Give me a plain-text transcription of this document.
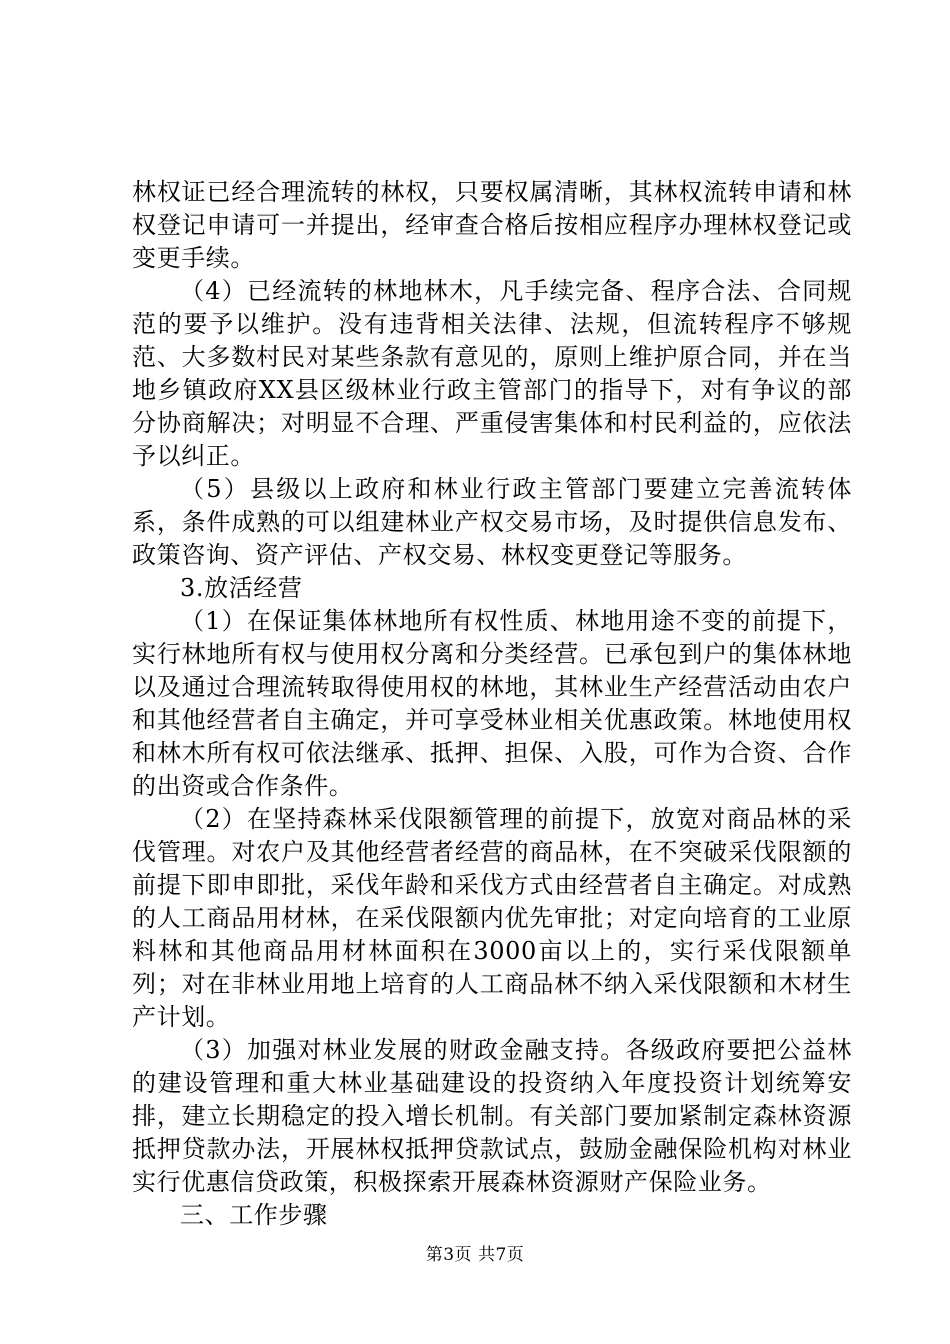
林权证已经合理流转的林权，只要权属清晰，其林权流转申请和林权登记申请可一并提出，经审查合格后按相应程序办理林权登记或变更手续。

（4）已经流转的林地林木，凡手续完备、程序合法、合同规范的要予以维护。没有违背相关法律、法规，但流转程序不够规范、大多数村民对某些条款有意见的，原则上维护原合同，并在当地乡镇政府XX县区级林业行政主管部门的指导下，对有争议的部分协商解决；对明显不合理、严重侵害集体和村民利益的，应依法予以纠正。

（5）县级以上政府和林业行政主管部门要建立完善流转体系，条件成熟的可以组建林业产权交易市场，及时提供信息发布、政策咨询、资产评估、产权交易、林权变更登记等服务。

3.放活经营

（1）在保证集体林地所有权性质、林地用途不变的前提下，实行林地所有权与使用权分离和分类经营。已承包到户的集体林地以及通过合理流转取得使用权的林地，其林业生产经营活动由农户和其他经营者自主确定，并可享受林业相关优惠政策。林地使用权和林木所有权可依法继承、抵押、担保、入股，可作为合资、合作的出资或合作条件。

（2）在坚持森林采伐限额管理的前提下，放宽对商品林的采伐管理。对农户及其他经营者经营的商品林，在不突破采伐限额的前提下即申即批，采伐年龄和采伐方式由经营者自主确定。对成熟的人工商品用材林，在采伐限额内优先审批；对定向培育的工业原料林和其他商品用材林面积在3000亩以上的，实行采伐限额单列；对在非林业用地上培育的人工商品林不纳入采伐限额和木材生产计划。

（3）加强对林业发展的财政金融支持。各级政府要把公益林的建设管理和重大林业基础建设的投资纳入年度投资计划统筹安排，建立长期稳定的投入增长机制。有关部门要加紧制定森林资源抵押贷款办法，开展林权抵押贷款试点，鼓励金融保险机构对林业实行优惠信贷政策，积极探索开展森林资源财产保险业务。

三、工作步骤

第3页 共7页
